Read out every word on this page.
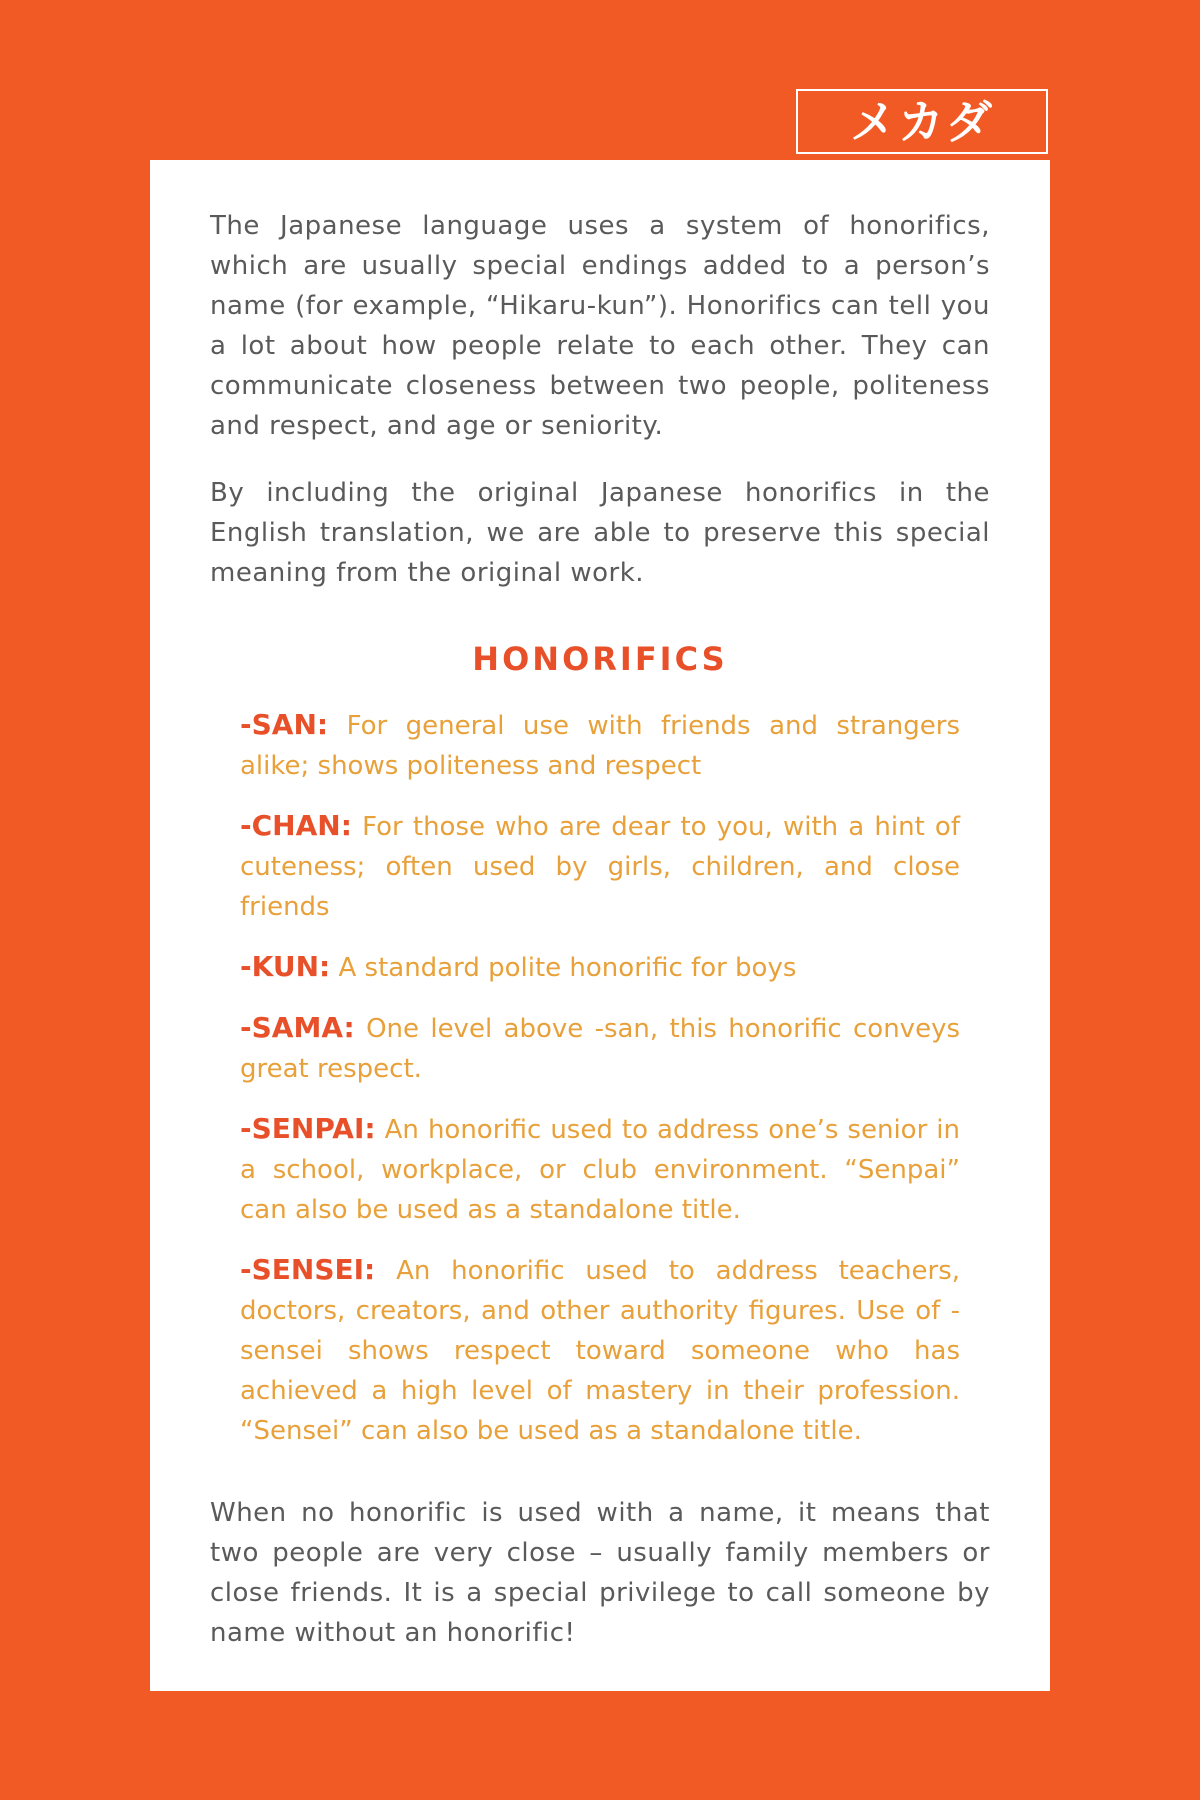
メカダ

The Japanese language uses a system of honorifics, which are usually special endings added to a person’s name (for example, “Hikaru-kun”). Honorifics can tell you a lot about how people relate to each other. They can communicate closeness between two people, politeness and respect, and age or seniority.

By including the original Japanese honorifics in the English translation, we are able to preserve this special meaning from the original work.

HONORIFICS
-SAN: For general use with friends and strangers alike; shows politeness and respect
-CHAN: For those who are dear to you, with a hint of cuteness; often used by girls, children, and close friends
-KUN: A standard polite honorific for boys
-SAMA: One level above -san, this honorific conveys great respect.
-SENPAI: An honorific used to address one’s senior in a school, workplace, or club environment. “Senpai” can also be used as a standalone title.
-SENSEI: An honorific used to address teachers, doctors, creators, and other authority figures. Use of -sensei shows respect toward someone who has achieved a high level of mastery in their profession. “Sensei” can also be used as a standalone title.

When no honorific is used with a name, it means that two people are very close – usually family members or close friends. It is a special privilege to call someone by name without an honorific!
